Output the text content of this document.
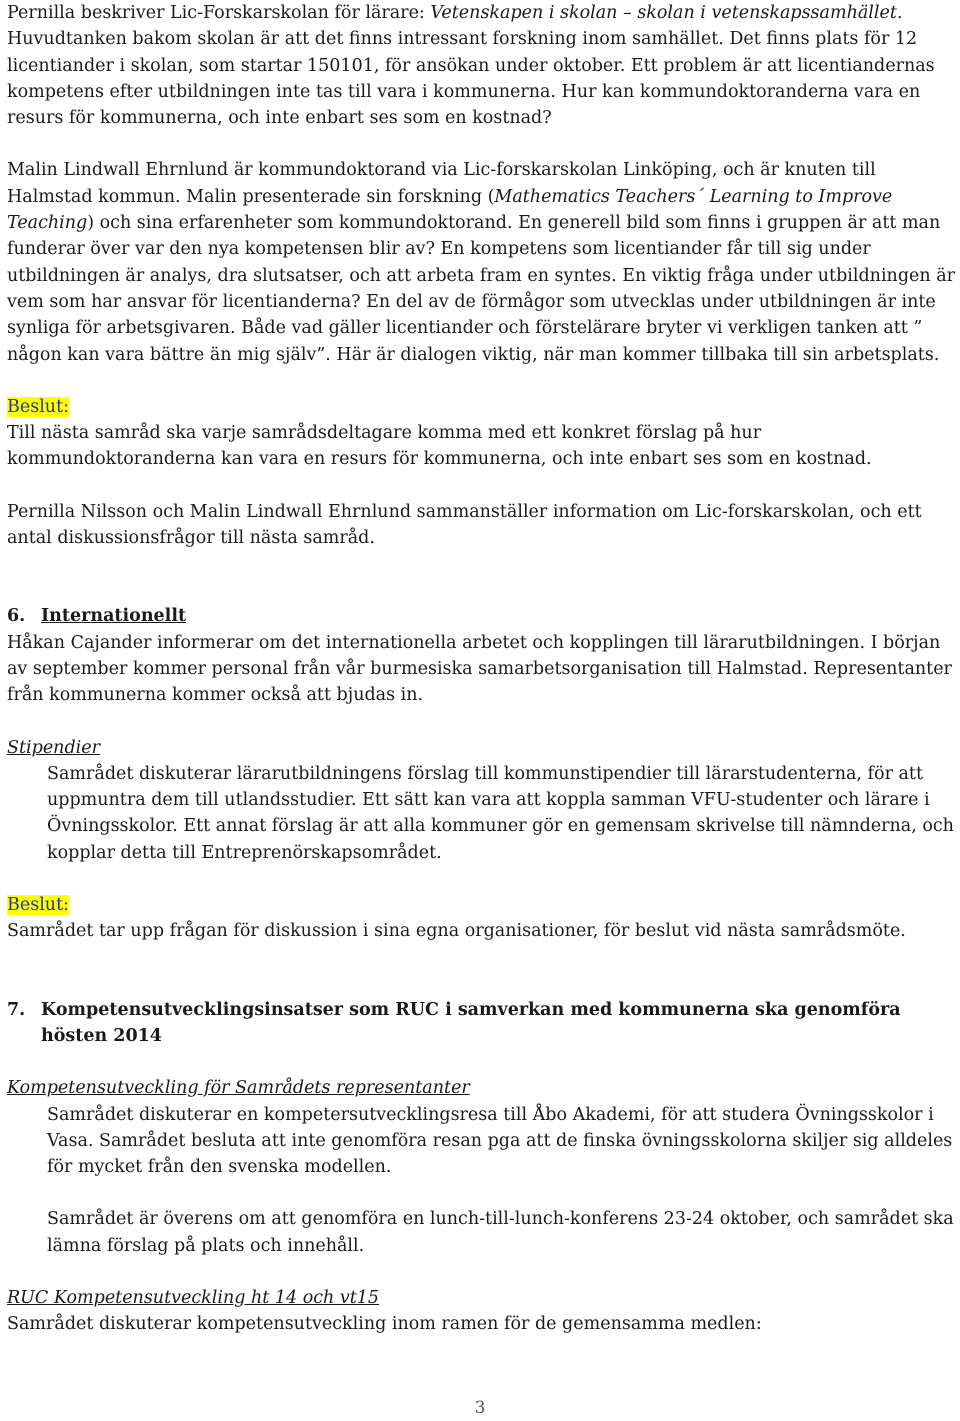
Pernilla beskriver Lic-Forskarskolan för lärare: Vetenskapen i skolan – skolan i vetenskapssamhället. Huvudtanken bakom skolan är att det finns intressant forskning inom samhället. Det finns plats för 12 licentiander i skolan, som startar 150101, för ansökan under oktober. Ett problem är att licentiandernas kompetens efter utbildningen inte tas till vara i kommunerna. Hur kan kommundoktoranderna vara en resurs för kommunerna, och inte enbart ses som en kostnad?

Malin Lindwall Ehrnlund är kommundoktorand via Lic-forskarskolan Linköping, och är knuten till Halmstad kommun. Malin presenterade sin forskning (Mathematics Teachers´ Learning to Improve Teaching) och sina erfarenheter som kommundoktorand. En generell bild som finns i gruppen är att man funderar över var den nya kompetensen blir av? En kompetens som licentiander får till sig under utbildningen är analys, dra slutsatser, och att arbeta fram en syntes. En viktig fråga under utbildningen är vem som har ansvar för licentianderna? En del av de förmågor som utvecklas under utbildningen är inte synliga för arbetsgivaren. Både vad gäller licentiander och förstelärare bryter vi verkligen tanken att ” någon kan vara bättre än mig själv”. Här är dialogen viktig, när man kommer tillbaka till sin arbetsplats.

Beslut:

Till nästa samråd ska varje samrådsdeltagare komma med ett konkret förslag på hur kommundoktoranderna kan vara en resurs för kommunerna, och inte enbart ses som en kostnad.

Pernilla Nilsson och Malin Lindwall Ehrnlund sammanställer information om Lic-forskarskolan, och ett antal diskussionsfrågor till nästa samråd.

6. Internationellt

Håkan Cajander informerar om det internationella arbetet och kopplingen till lärarutbildningen. I början av september kommer personal från vår burmesiska samarbetsorganisation till Halmstad. Representanter från kommunerna kommer också att bjudas in.

Stipendier

Samrådet diskuterar lärarutbildningens förslag till kommunstipendier till lärarstudenterna, för att uppmuntra dem till utlandsstudier. Ett sätt kan vara att koppla samman VFU-studenter och lärare i Övningsskolor. Ett annat förslag är att alla kommuner gör en gemensam skrivelse till nämnderna, och kopplar detta till Entreprenörskapsområdet.

Beslut:

Samrådet tar upp frågan för diskussion i sina egna organisationer, för beslut vid nästa samrådsmöte.

7. Kompetensutvecklingsinsatser som RUC i samverkan med kommunerna ska genomföra hösten 2014

Kompetensutveckling för Samrådets representanter

Samrådet diskuterar en kompetersutvecklingsresa till Åbo Akademi, för att studera Övningsskolor i Vasa. Samrådet besluta att inte genomföra resan pga att de finska övningsskolorna skiljer sig alldeles för mycket från den svenska modellen.

Samrådet är överens om att genomföra en lunch-till-lunch-konferens 23-24 oktober, och samrådet ska lämna förslag på plats och innehåll.

RUC Kompetensutveckling ht 14 och vt15

Samrådet diskuterar kompetensutveckling inom ramen för de gemensamma medlen:

3
